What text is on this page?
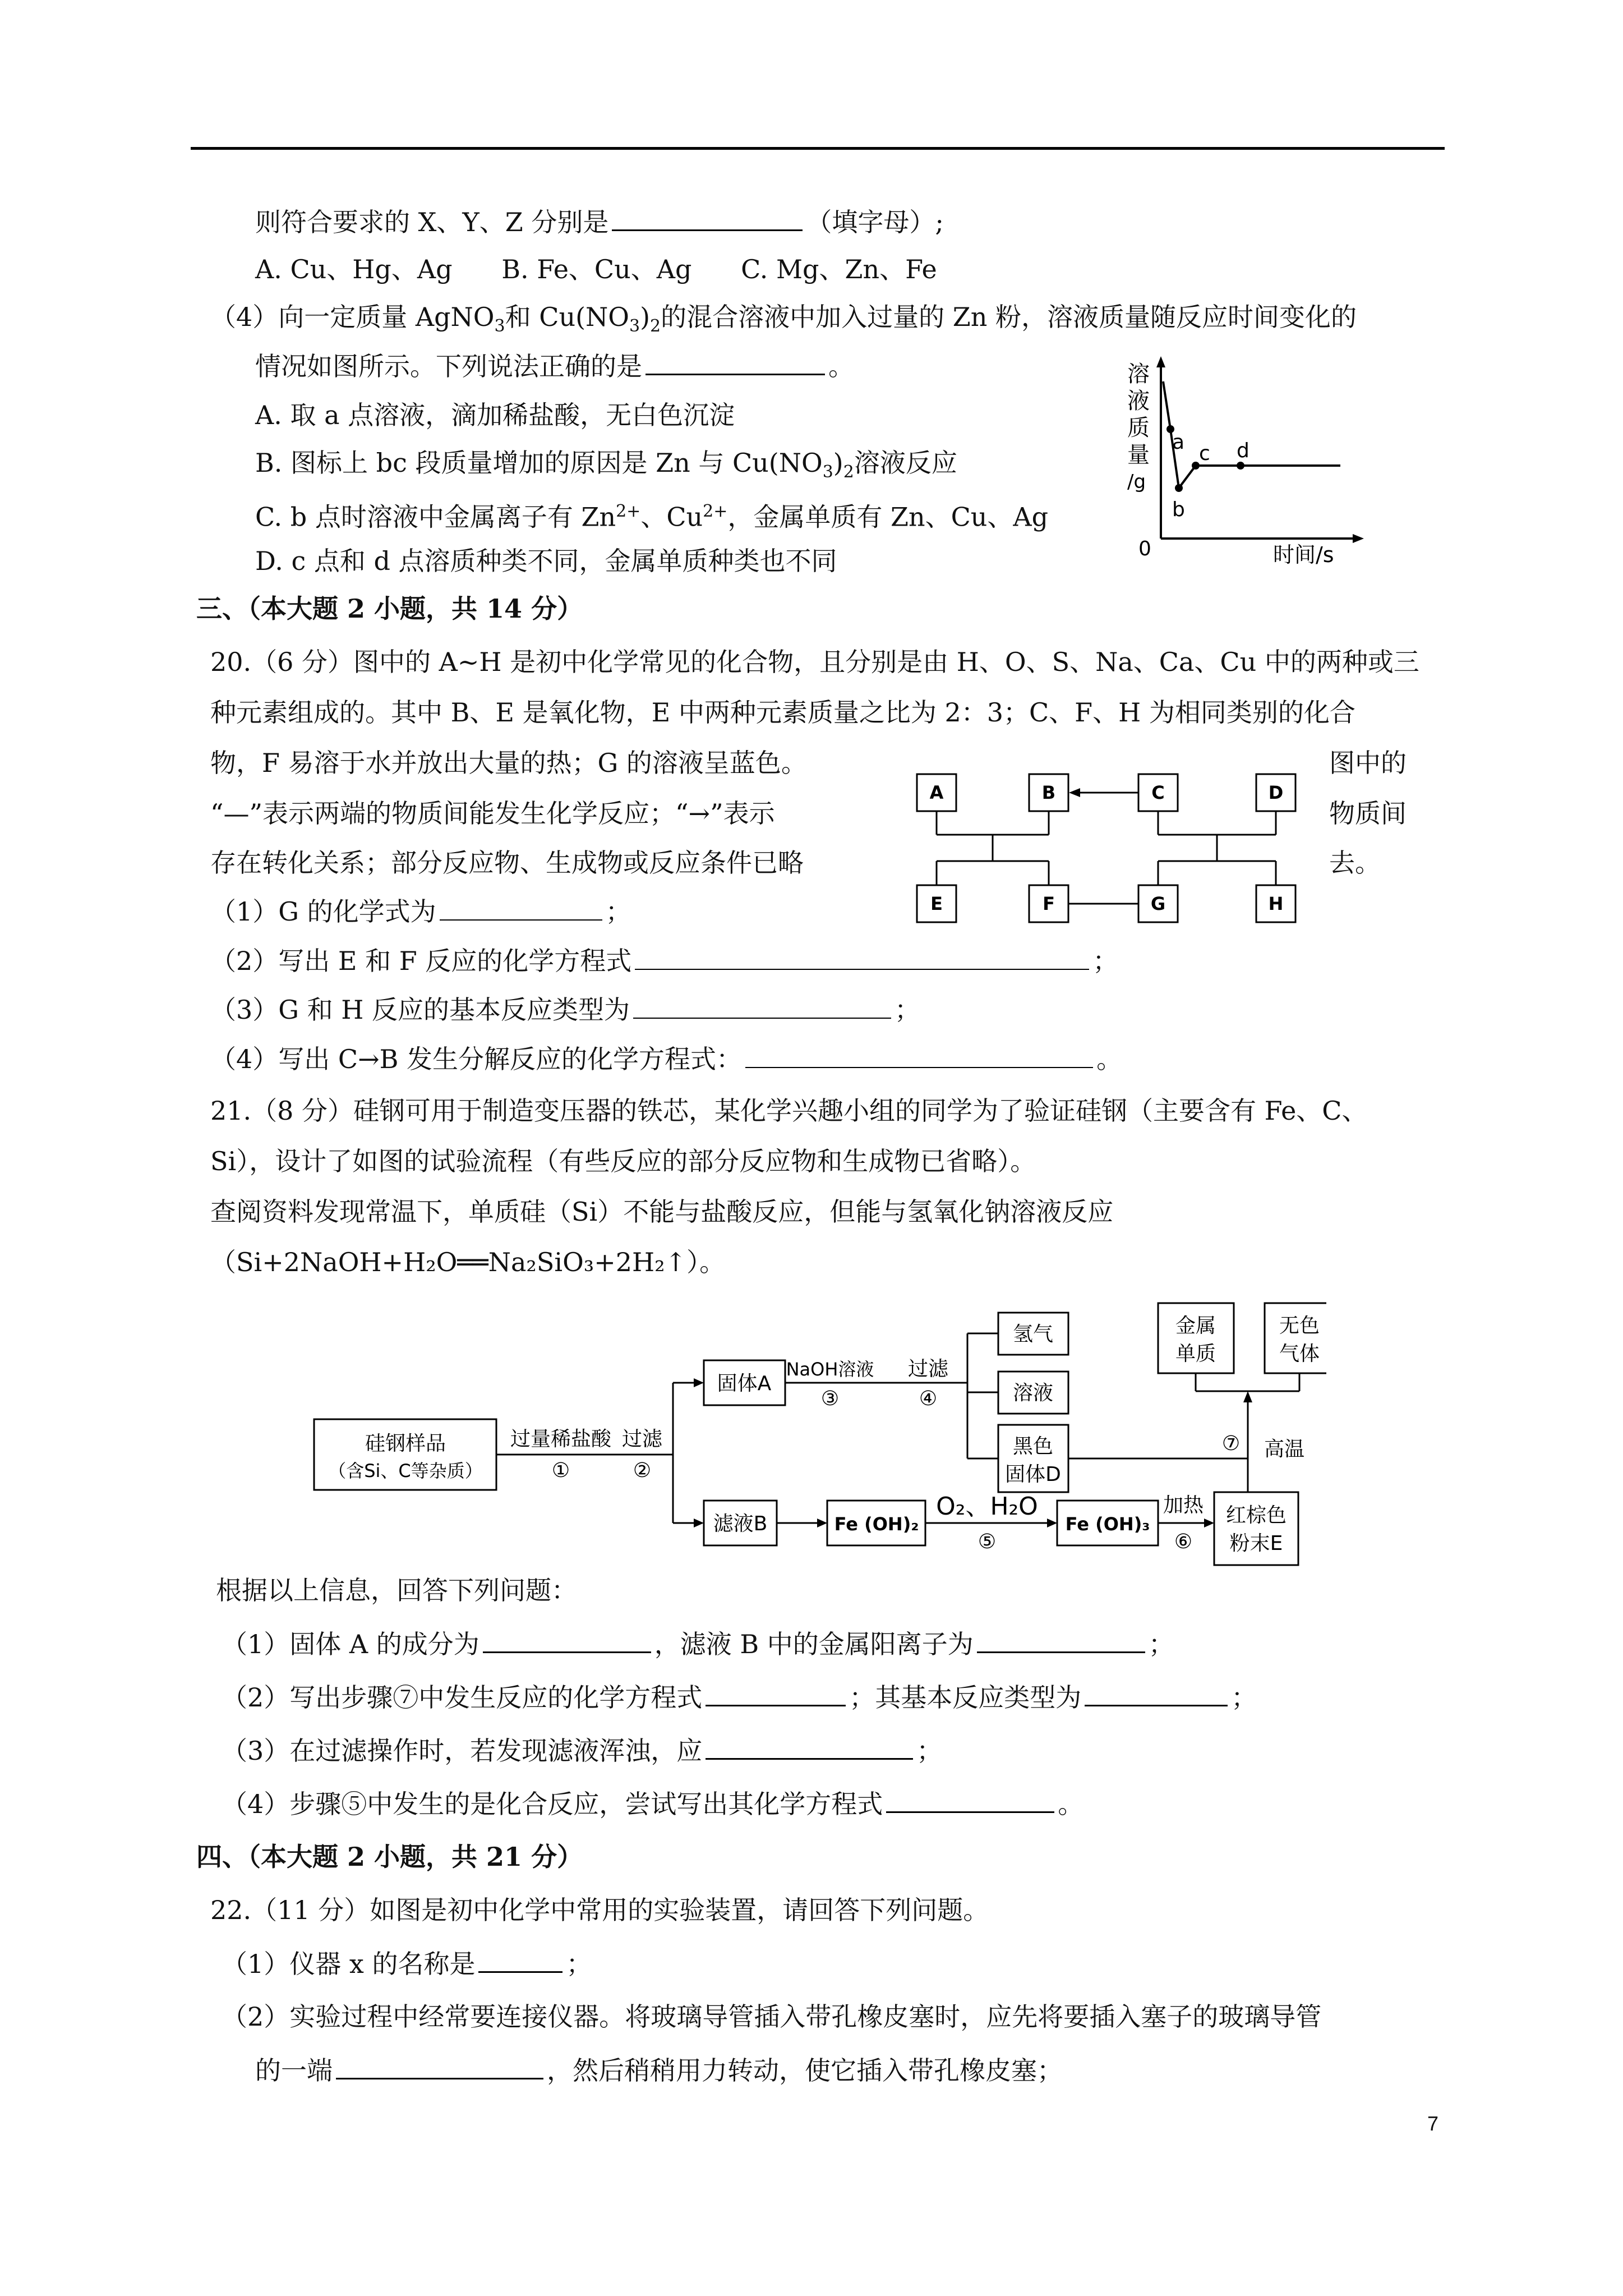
则符合要求的 X、Y、Z 分别是	（填字母）;
A. Cu、Hg、Ag      B. Fe、Cu、Ag      C. Mg、Zn、Fe
（4）向一定质量 AgNO$_3$和 $Cu(NO_3)_2$的混合溶液中加入过量的 Zn 粉，溶液质量随反应时间变化的
情况如图所示。下列说法正确的是	。
A. 取 a 点溶液，滴加稀盐酸，无白色沉淀
B. 图标上 bc 段质量增加的原因是 Zn 与 $Cu(NO_3)_2$溶液反应
C. b 点时溶液中金属离子有 $Zn^{2+}$、$Cu^{2+}$，金属单质有 Zn、Cu、Ag
D. c 点和 d 点溶质种类不同，金属单质种类也不同
溶
液
质
量
/g
0	时间/s
a
b
c d
三、（本大题 2 小题，共 14 分）
20.（6 分）图中的 A~H 是初中化学常见的化合物，且分别是由 H、O、S、Na、Ca、Cu 中的两种或三
种元素组成的。其中 B、E 是氧化物，E 中两种元素质量之比为 2：3；C、F、H 为相同类别的化合
物，F 易溶于水并放出大量的热；G 的溶液呈蓝色。	图中的
“—”表示两端的物质间能发生化学反应；“→”表示	物质间
存在转化关系；部分反应物、生成物或反应条件已略	去。
A	B	C	D
E	F	G	H
（1）G 的化学式为	；
（2）写出 E 和 F 反应的化学方程式	；
（3）G 和 H 反应的基本反应类型为	；
（4）写出 C→B 发生分解反应的化学方程式：	。
21.（8 分）硅钢可用于制造变压器的铁芯，某化学兴趣小组的同学为了验证硅钢（主要含有 Fe、C、
Si），设计了如图的试验流程（有些反应的部分反应物和生成物已省略）。
查阅资料发现常温下，单质硅（Si）不能与盐酸反应，但能与氢氧化钠溶液反应
（Si+2NaOH+H₂O══Na₂SiO₃+2H₂↑）。
硅钢样品
（含Si、C等杂质）
过量稀盐酸
①
过滤
②
固体A
NaOH溶液
③
过滤
④
氢气
溶液
黑色
固体D
金属
单质
无色
气体
⑦ 高温
滤液B	Fe (OH)₂
O₂、H₂O
⑤
Fe (OH)₃
加热
⑥
红棕色
粉末E
根据以上信息，回答下列问题：
（1）固体 A 的成分为	，滤液 B 中的金属阳离子为	；
（2）写出步骤⑦中发生反应的化学方程式	；其基本反应类型为	；
（3）在过滤操作时，若发现滤液浑浊，应	；
（4）步骤⑤中发生的是化合反应，尝试写出其化学方程式	。
四、（本大题 2 小题，共 21 分）
22.（11 分）如图是初中化学中常用的实验装置，请回答下列问题。
（1）仪器 x 的名称是	；
（2）实验过程中经常要连接仪器。将玻璃导管插入带孔橡皮塞时，应先将要插入塞子的玻璃导管
的一端	，然后稍稍用力转动，使它插入带孔橡皮塞；
7
